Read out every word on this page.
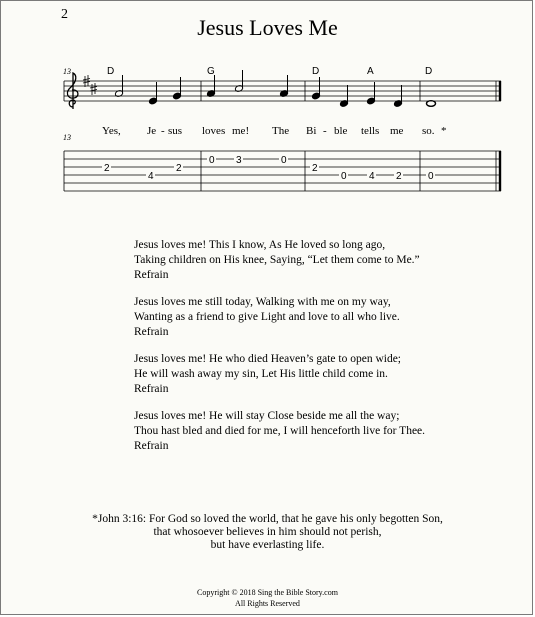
2
Jesus Loves Me
13	D	G	D	A	D
Yes, Je - sus loves me! The Bi - ble tells me so. *
13
2
4
2
0 3	0
2
0 4 2	0
Jesus loves me! This I know, As He loved so long ago,
Taking children on His knee, Saying, “Let them come to Me.”
Refrain
Jesus loves me still today, Walking with me on my way,
Wanting as a friend to give Light and love to all who live.
Refrain
Jesus loves me! He who died Heaven’s gate to open wide;
He will wash away my sin, Let His little child come in.
Refrain
Jesus loves me! He will stay Close beside me all the way;
Thou hast bled and died for me, I will henceforth live for Thee.
Refrain
*John 3:16: For God so loved the world, that he gave his only begotten Son,
that whosoever believes in him should not perish,
but have everlasting life.
Copyright © 2018 Sing the Bible Story.com
All Rights Reserved
